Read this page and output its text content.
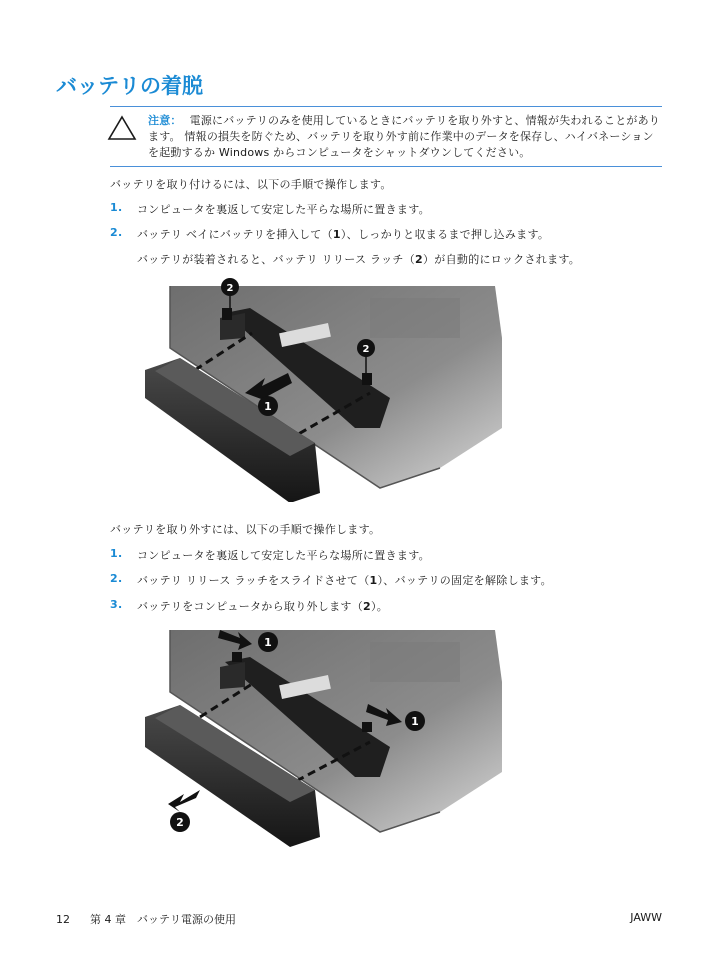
バッテリの着脱
注意： 電源にバッテリのみを使用しているときにバッテリを取り外すと、情報が失われることがあります。 情報の損失を防ぐため、バッテリを取り外す前に作業中のデータを保存し、ハイバネーションを起動するか Windows からコンピュータをシャットダウンしてください。

バッテリを取り付けるには、以下の手順で操作します。

1. コンピュータを裏返して安定した平らな場所に置きます。
2. バッテリ ベイにバッテリを挿入して（1）、しっかりと収まるまで押し込みます。
バッテリが装着されると、バッテリ リリース ラッチ（2）が自動的にロックされます。
1
2
2

バッテリを取り外すには、以下の手順で操作します。

1. コンピュータを裏返して安定した平らな場所に置きます。
2. バッテリ リリース ラッチをスライドさせて（1）、バッテリの固定を解除します。
3. バッテリをコンピュータから取り外します（2）。
1
1
2
12 第 4 章　バッテリ電源の使用	JAWW
